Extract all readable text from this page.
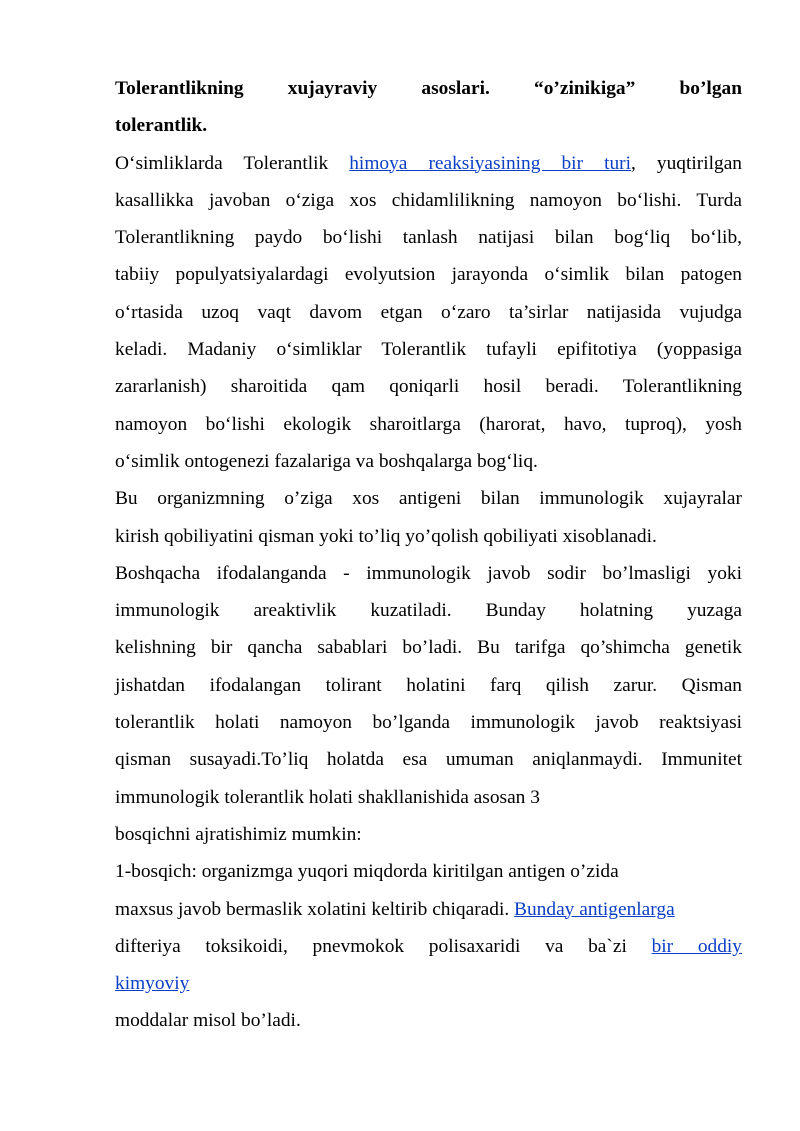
Tolerantlikning xujayraviy asoslari. “o’zinikiga” bo’lgan
tolerantlik.
O‘simliklarda Tolerantlik himoya reaksiyasining bir turi, yuqtirilgan
kasallikka javoban o‘ziga xos chidamlilikning namoyon bo‘lishi. Turda
Tolerantlikning paydo bo‘lishi tanlash natijasi bilan bog‘liq bo‘lib,
tabiiy populyatsiyalardagi evolyutsion jarayonda o‘simlik bilan patogen
o‘rtasida uzoq vaqt davom etgan o‘zaro ta’sirlar natijasida vujudga
keladi. Madaniy o‘simliklar Tolerantlik tufayli epifitotiya (yoppasiga
zararlanish) sharoitida qam qoniqarli hosil beradi. Tolerantlikning
namoyon bo‘lishi ekologik sharoitlarga (harorat, havo, tuproq), yosh
o‘simlik ontogenezi fazalariga va boshqalarga bog‘liq.
Bu organizmning o’ziga xos antigeni bilan immunologik xujayralar
kirish qobiliyatini qisman yoki to’liq yo’qolish qobiliyati xisoblanadi.
Boshqacha ifodalanganda - immunologik javob sodir bo’lmasligi yoki
immunologik areaktivlik kuzatiladi. Bunday holatning yuzaga
kelishning bir qancha sabablari bo’ladi. Bu tarifga qo’shimcha genetik
jishatdan ifodalangan tolirant holatini farq qilish zarur. Qisman
tolerantlik holati namoyon bo’lganda immunologik javob reaktsiyasi
qisman susayadi.To’liq holatda esa umuman aniqlanmaydi. Immunitet
immunologik tolerantlik holati shakllanishida asosan 3
bosqichni ajratishimiz mumkin:
1-bosqich: organizmga yuqori miqdorda kiritilgan antigen o’zida
maxsus javob bermaslik xolatini keltirib chiqaradi. Bunday antigenlarga
difteriya toksikoidi, pnevmokok polisaxaridi va ba`zi bir oddiy
kimyoviy
moddalar misol bo’ladi.
